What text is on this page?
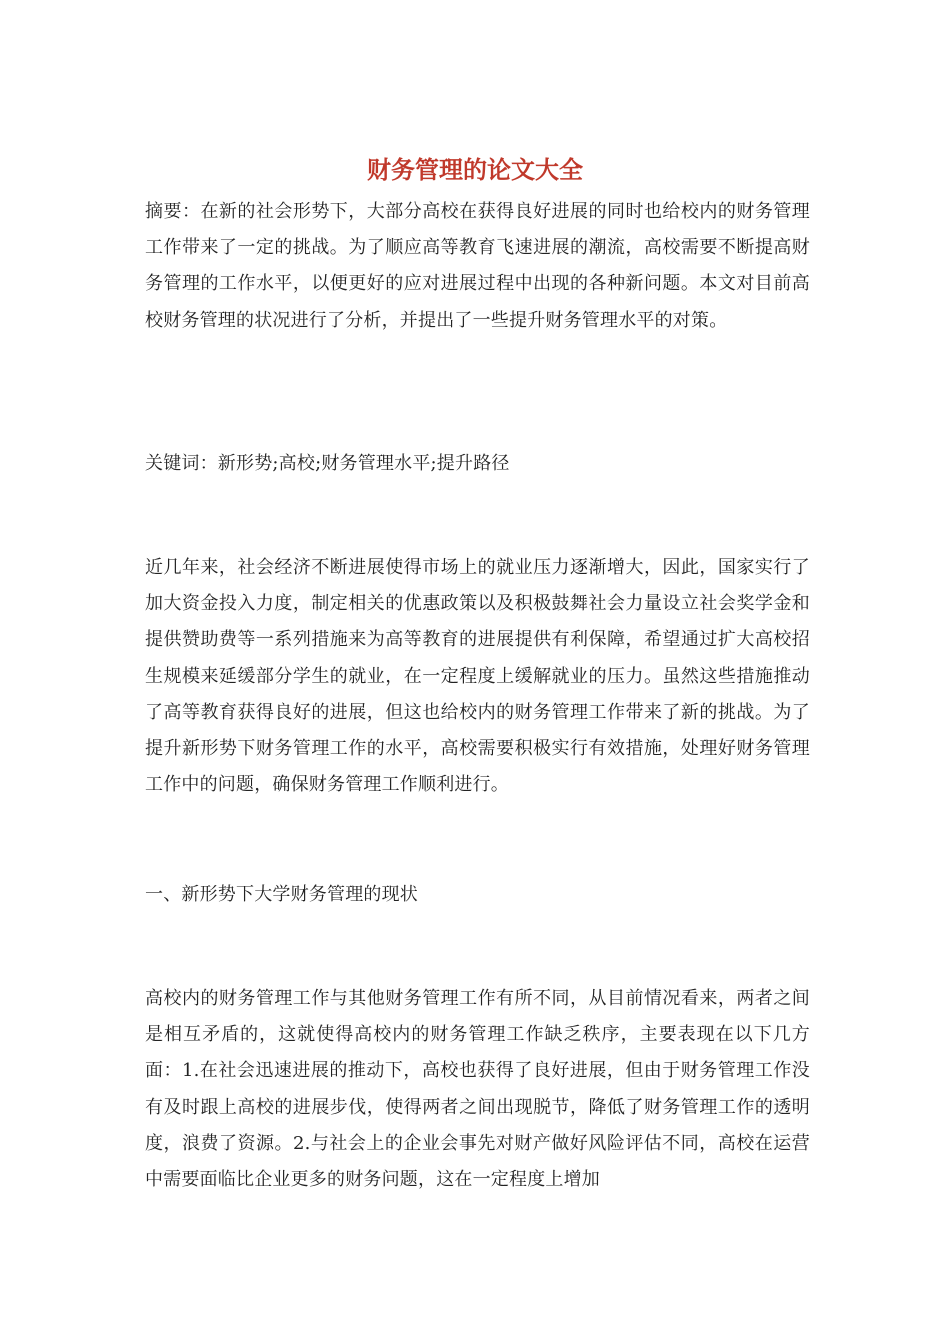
财务管理的论文大全

摘要：在新的社会形势下，大部分高校在获得良好进展的同时也给校内的财务管理工作带来了一定的挑战。为了顺应高等教育飞速进展的潮流，高校需要不断提高财务管理的工作水平，以便更好的应对进展过程中出现的各种新问题。本文对目前高校财务管理的状况进行了分析，并提出了一些提升财务管理水平的对策。

关键词：新形势;高校;财务管理水平;提升路径

近几年来，社会经济不断进展使得市场上的就业压力逐渐增大，因此，国家实行了加大资金投入力度，制定相关的优惠政策以及积极鼓舞社会力量设立社会奖学金和提供赞助费等一系列措施来为高等教育的进展提供有利保障，希望通过扩大高校招生规模来延缓部分学生的就业，在一定程度上缓解就业的压力。虽然这些措施推动了高等教育获得良好的进展，但这也给校内的财务管理工作带来了新的挑战。为了提升新形势下财务管理工作的水平，高校需要积极实行有效措施，处理好财务管理工作中的问题，确保财务管理工作顺利进行。

一、新形势下大学财务管理的现状

高校内的财务管理工作与其他财务管理工作有所不同，从目前情况看来，两者之间是相互矛盾的，这就使得高校内的财务管理工作缺乏秩序，主要表现在以下几方面：1.在社会迅速进展的推动下，高校也获得了良好进展，但由于财务管理工作没有及时跟上高校的进展步伐，使得两者之间出现脱节，降低了财务管理工作的透明度，浪费了资源。2.与社会上的企业会事先对财产做好风险评估不同，高校在运营中需要面临比企业更多的财务问题，这在一定程度上增加
